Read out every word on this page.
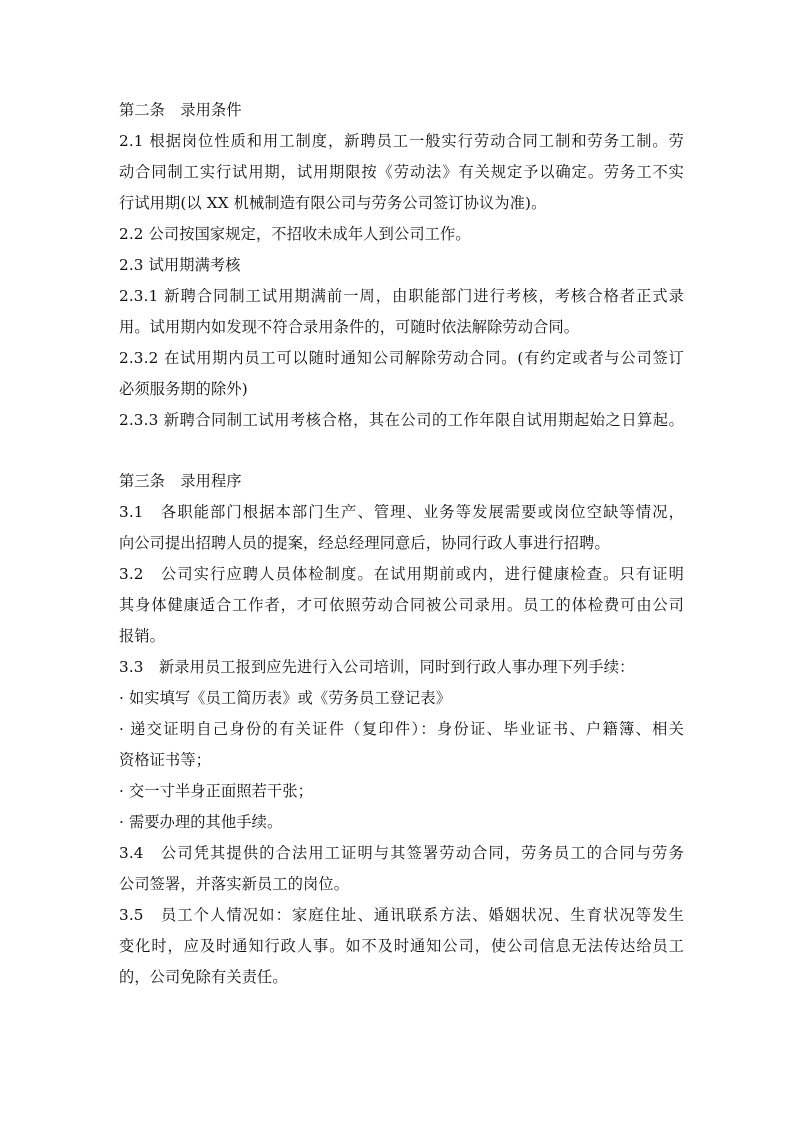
第二条　录用条件
2.1 根据岗位性质和用工制度，新聘员工一般实行劳动合同工制和劳务工制。劳
动合同制工实行试用期，试用期限按《劳动法》有关规定予以确定。劳务工不实
行试用期(以 XX 机械制造有限公司与劳务公司签订协议为准)。
2.2 公司按国家规定，不招收未成年人到公司工作。
2.3 试用期满考核
2.3.1 新聘合同制工试用期满前一周，由职能部门进行考核，考核合格者正式录
用。试用期内如发现不符合录用条件的，可随时依法解除劳动合同。
2.3.2 在试用期内员工可以随时通知公司解除劳动合同。(有约定或者与公司签订
必须服务期的除外)
2.3.3 新聘合同制工试用考核合格，其在公司的工作年限自试用期起始之日算起。
第三条　录用程序
3.1　各职能部门根据本部门生产、管理、业务等发展需要或岗位空缺等情况，
向公司提出招聘人员的提案，经总经理同意后，协同行政人事进行招聘。
3.2　公司实行应聘人员体检制度。在试用期前或内，进行健康检查。只有证明
其身体健康适合工作者，才可依照劳动合同被公司录用。员工的体检费可由公司
报销。
3.3　新录用员工报到应先进行入公司培训，同时到行政人事办理下列手续：
· 如实填写《员工简历表》或《劳务员工登记表》
· 递交证明自己身份的有关证件（复印件）：身份证、毕业证书、户籍簿、相关
资格证书等；
· 交一寸半身正面照若干张；
· 需要办理的其他手续。
3.4　公司凭其提供的合法用工证明与其签署劳动合同，劳务员工的合同与劳务
公司签署，并落实新员工的岗位。
3.5　员工个人情况如：家庭住址、通讯联系方法、婚姻状况、生育状况等发生
变化时，应及时通知行政人事。如不及时通知公司，使公司信息无法传达给员工
的，公司免除有关责任。
